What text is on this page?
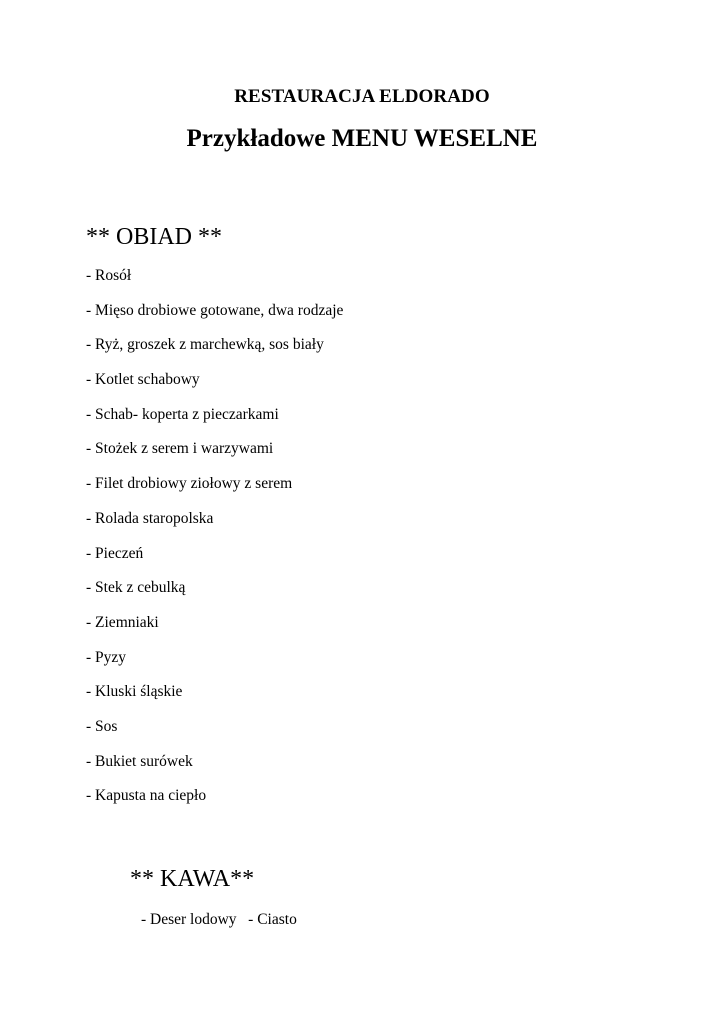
RESTAURACJA ELDORADO
Przykładowe MENU WESELNE
** OBIAD **
- Rosół
- Mięso drobiowe gotowane, dwa rodzaje
- Ryż, groszek z marchewką, sos biały
- Kotlet schabowy
- Schab- koperta z pieczarkami
- Stożek z serem i warzywami
- Filet drobiowy ziołowy z serem
- Rolada staropolska
- Pieczeń
- Stek z cebulką
- Ziemniaki
- Pyzy
- Kluski śląskie
- Sos
- Bukiet surówek
- Kapusta na ciepło
** KAWA**
- Deser lodowy   - Ciasto
